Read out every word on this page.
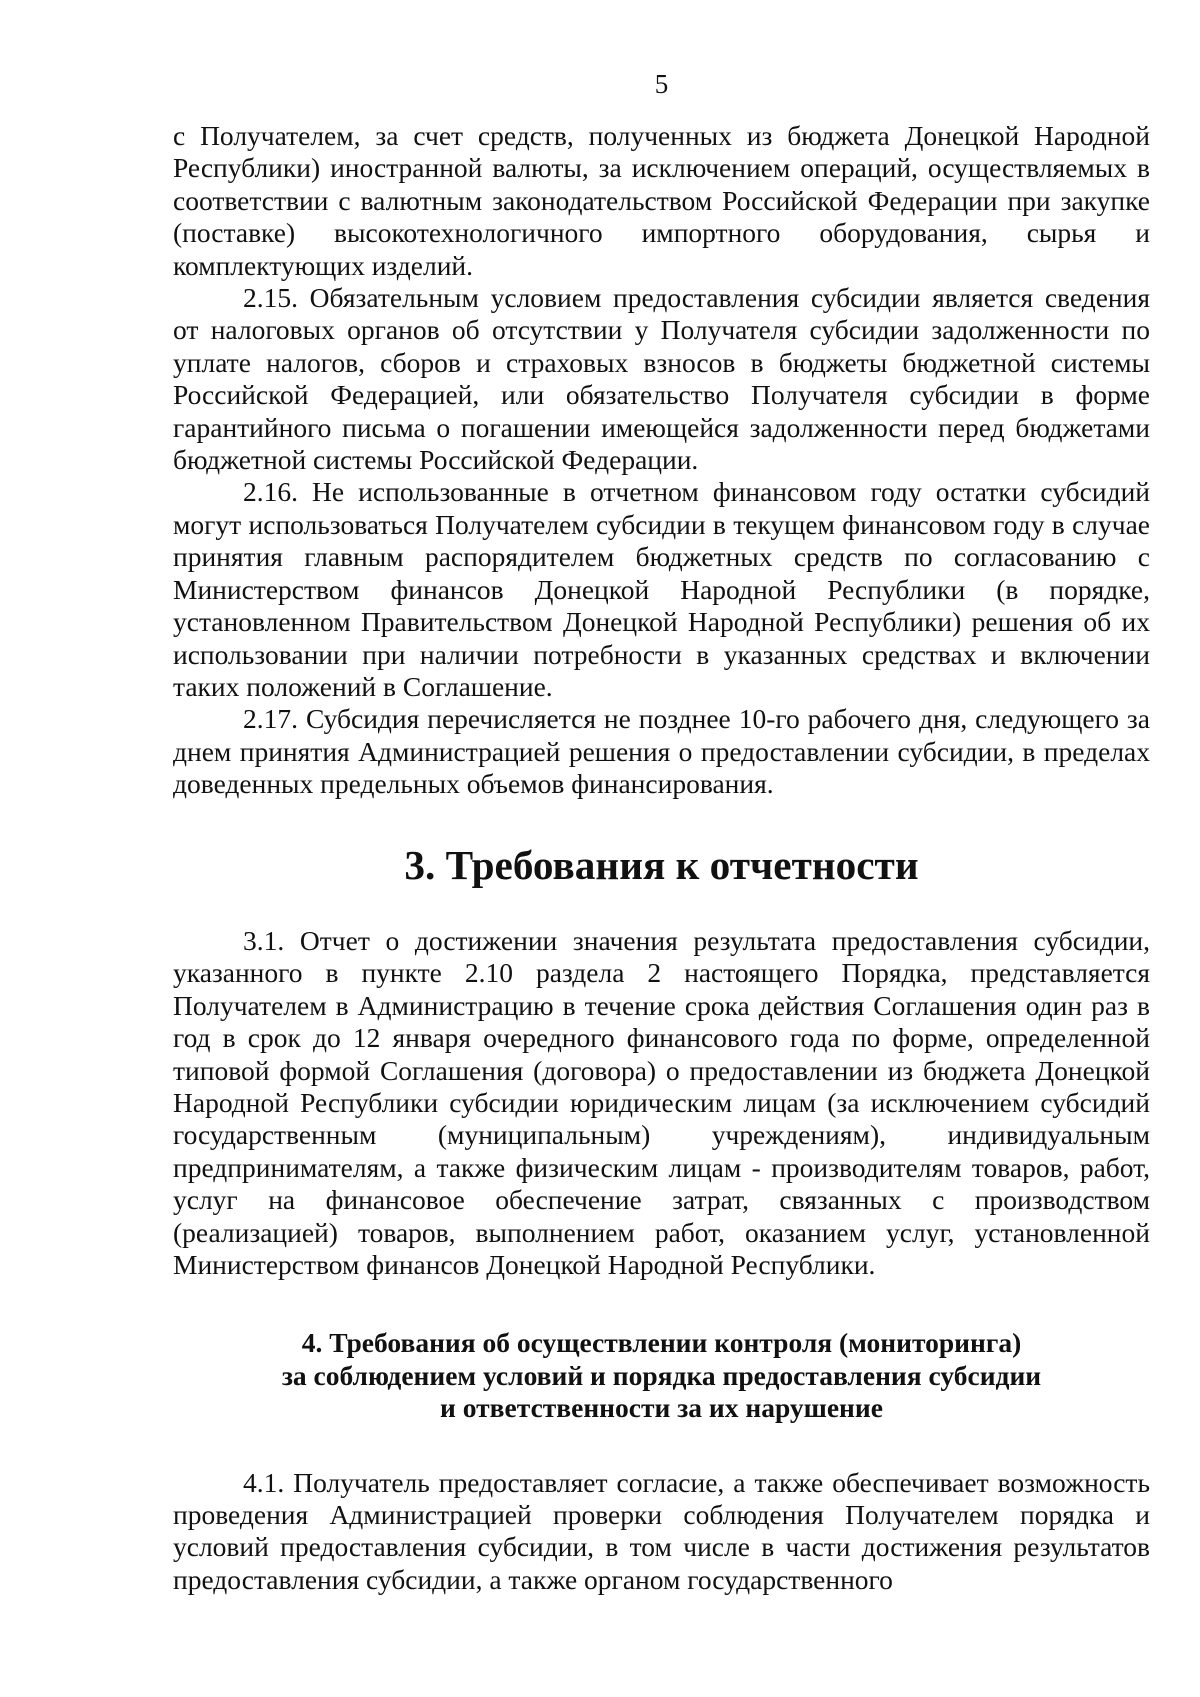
5

с Получателем, за счет средств, полученных из бюджета Донецкой Народной Республики) иностранной валюты, за исключением операций, осуществляемых в соответствии с валютным законодательством Российской Федерации при закупке (поставке) высокотехнологичного импортного оборудования, сырья и комплектующих изделий.

2.15. Обязательным условием предоставления субсидии является сведения от налоговых органов об отсутствии у Получателя субсидии задолженности по уплате налогов, сборов и страховых взносов в бюджеты бюджетной системы Российской Федерацией, или обязательство Получателя субсидии в форме гарантийного письма о погашении имеющейся задолженности перед бюджетами бюджетной системы Российской Федерации.

2.16. Не использованные в отчетном финансовом году остатки субсидий могут использоваться Получателем субсидии в текущем финансовом году в случае принятия главным распорядителем бюджетных средств по согласованию с Министерством финансов Донецкой Народной Республики (в порядке, установленном Правительством Донецкой Народной Республики) решения об их использовании при наличии потребности в указанных средствах и включении таких положений в Соглашение.

2.17. Субсидия перечисляется не позднее 10-го рабочего дня, следующего за днем принятия Администрацией решения о предоставлении субсидии, в пределах доведенных предельных объемов финансирования.

3. Требования к отчетности

3.1. Отчет о достижении значения результата предоставления субсидии, указанного в пункте 2.10 раздела 2 настоящего Порядка, представляется Получателем в Администрацию в течение срока действия Соглашения один раз в год в срок до 12 января очередного финансового года по форме, определенной типовой формой Соглашения (договора) о предоставлении из бюджета Донецкой Народной Республики субсидии юридическим лицам (за исключением субсидий государственным (муниципальным) учреждениям), индивидуальным предпринимателям, а также физическим лицам - производителям товаров, работ, услуг на финансовое обеспечение затрат, связанных с производством (реализацией) товаров, выполнением работ, оказанием услуг, установленной Министерством финансов Донецкой Народной Республики.

4. Требования об осуществлении контроля (мониторинга)
за соблюдением условий и порядка предоставления субсидии
и ответственности за их нарушение

4.1. Получатель предоставляет согласие, а также обеспечивает возможность проведения Администрацией проверки соблюдения Получателем порядка и условий предоставления субсидии, в том числе в части достижения результатов предоставления субсидии, а также органом государственного
